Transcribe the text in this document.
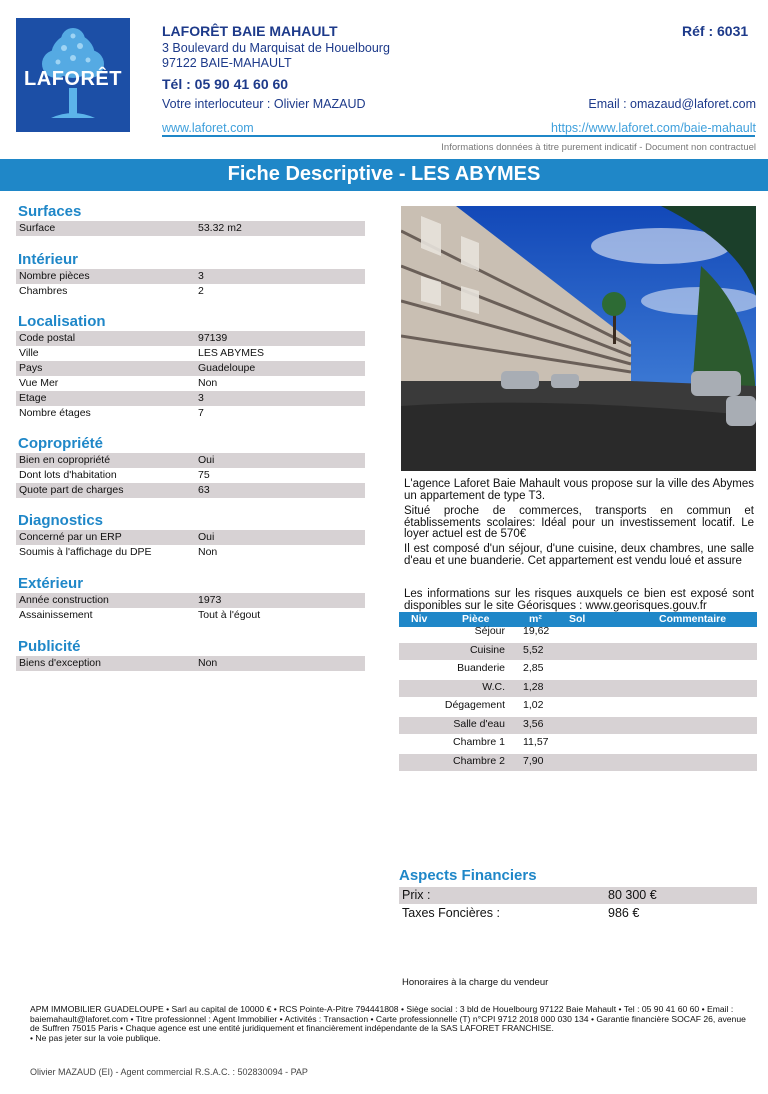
LAFORÊT
LAFORÊT BAIE MAHAULT	Réf : 6031
3 Boulevard du Marquisat de Houelbourg
97122 BAIE-MAHAULT
Tél : 05 90 41 60 60
Votre interlocuteur : Olivier MAZAUD	Email : omazaud@laforet.com
www.laforet.com	https://www.laforet.com/baie-mahault
Informations données à titre purement indicatif - Document non contractuel
Fiche Descriptive - LES ABYMES
Surfaces
Surface	53.32 m2
Intérieur
Nombre pièces	3
Chambres	2
Localisation
Code postal	97139
Ville	LES ABYMES
Pays	Guadeloupe
Vue Mer	Non
Etage	3
Nombre étages	7
Copropriété
Bien en copropriété	Oui
Dont lots d'habitation	75
Quote part de charges	63
Diagnostics
Concerné par un ERP	Oui
Soumis à l'affichage du DPE	Non
Extérieur
Année construction	1973
Assainissement	Tout à l'égout
Publicité
Biens d'exception	Non
L'agence Laforet Baie Mahault vous propose sur la ville des Abymes un appartement de type T3.
Situé proche de commerces, transports en commun et établissements scolaires: Idéal pour un investissement locatif. Le loyer actuel est de 570€
Il est composé d'un séjour, d'une cuisine, deux chambres, une salle d'eau et une buanderie. Cet appartement est vendu loué et assure
Les informations sur les risques auxquels ce bien est exposé sont disponibles sur le site Géorisques : www.georisques.gouv.fr
Niv	Pièce	m²	Sol	Commentaire
Séjour 19,62
Cuisine 5,52
Buanderie 2,85
W.C. 1,28
Dégagement 1,02
Salle d'eau 3,56
Chambre 1 11,57
Chambre 2 7,90
Aspects Financiers
Prix :	80 300 €
Taxes Foncières :	986 €
Honoraires à la charge du vendeur
APM IMMOBILIER GUADELOUPE • Sarl au capital de 10000 € • RCS Pointe-A-Pitre 794441808 • Siège social : 3 bld de Houelbourg 97122 Baie Mahault • Tel : 05 90 41 60 60 • Email : baiemahault@laforet.com • Titre professionnel : Agent Immobilier • Activités : Transaction • Carte professionnelle (T) n°CPI 9712 2018 000 030 134 • Garantie financière SOCAF 26, avenue de Suffren 75015 Paris • Chaque agence est une entité juridiquement et financièrement indépendante de la SAS LAFORET FRANCHISE.
• Ne pas jeter sur la voie publique.
Olivier MAZAUD (EI) - Agent commercial R.S.A.C. : 502830094 - PAP
